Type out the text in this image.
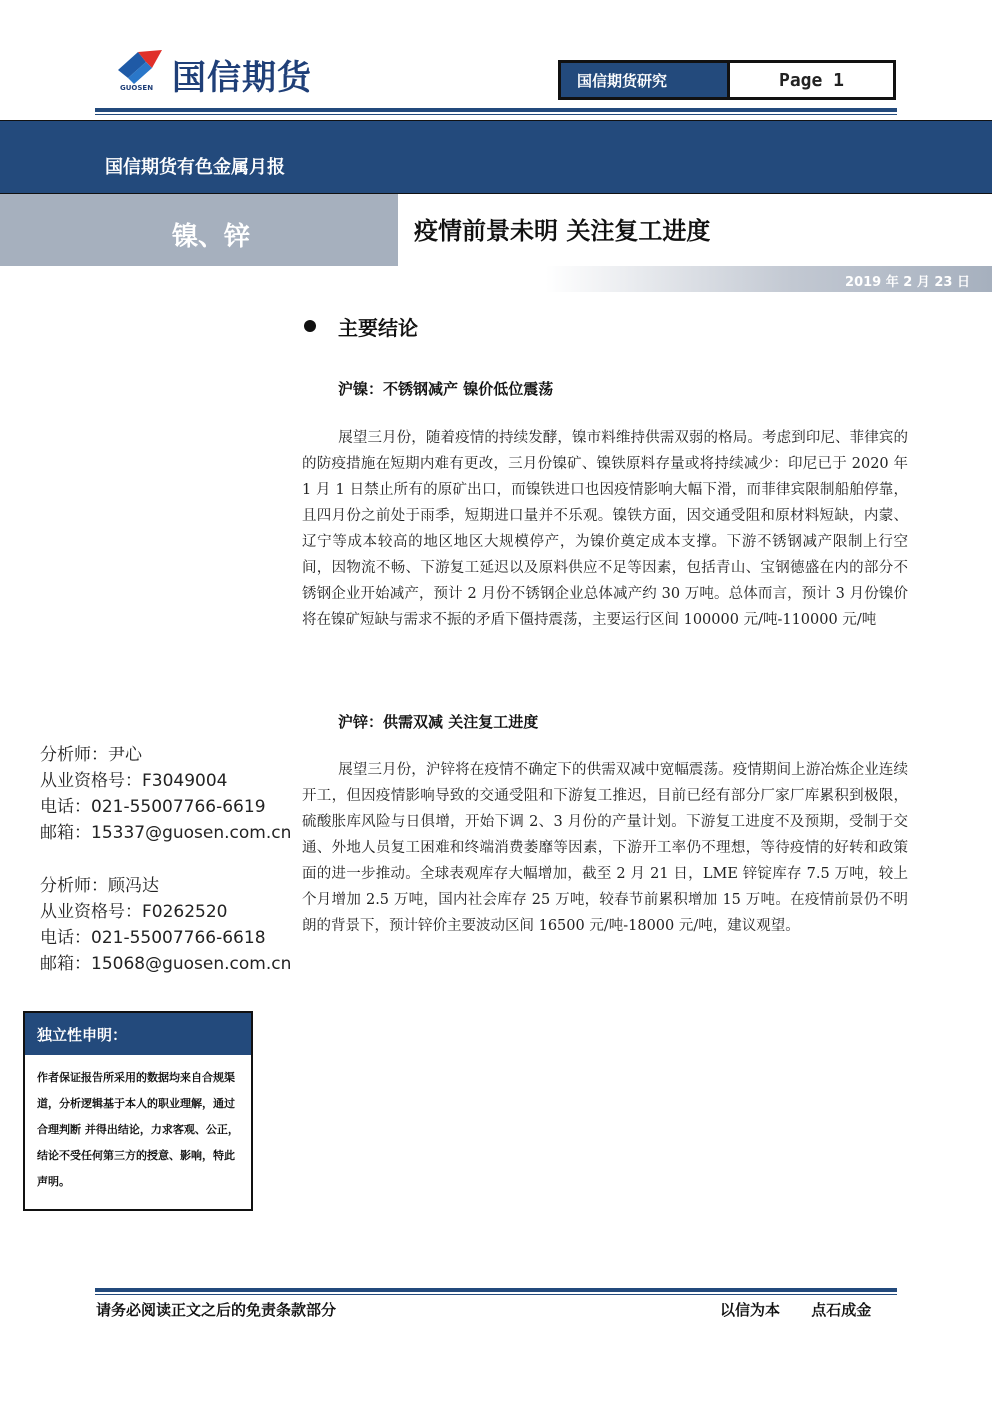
国信期货
GUOSEN	国信期货研究	Page 1
国信期货有色金属月报
镍、锌	疫情前景未明 关注复工进度
2019 年 2 月 23 日
主要结论
沪镍：不锈钢减产 镍价低位震荡

展望三月份，随着疫情的持续发酵，镍市料维持供需双弱的格局。考虑到印尼、菲律宾的的防疫措施在短期内难有更改，三月份镍矿、镍铁原料存量或将持续减少：印尼已于 2020 年 1 月 1 日禁止所有的原矿出口，而镍铁进口也因疫情影响大幅下滑，而菲律宾限制船舶停靠，且四月份之前处于雨季，短期进口量并不乐观。镍铁方面，因交通受阻和原材料短缺，内蒙、辽宁等成本较高的地区地区大规模停产，为镍价奠定成本支撑。下游不锈钢减产限制上行空间，因物流不畅、下游复工延迟以及原料供应不足等因素，包括青山、宝钢德盛在内的部分不锈钢企业开始减产，预计 2 月份不锈钢企业总体减产约 30 万吨。总体而言，预计 3 月份镍价将在镍矿短缺与需求不振的矛盾下僵持震荡，主要运行区间 100000 元/吨-110000 元/吨

沪锌：供需双减 关注复工进度

展望三月份，沪锌将在疫情不确定下的供需双减中宽幅震荡。疫情期间上游冶炼企业连续开工，但因疫情影响导致的交通受阻和下游复工推迟，目前已经有部分厂家厂库累积到极限，硫酸胀库风险与日俱增，开始下调 2、3 月份的产量计划。下游复工进度不及预期，受制于交通、外地人员复工困难和终端消费萎靡等因素，下游开工率仍不理想，等待疫情的好转和政策面的进一步推动。全球表观库存大幅增加，截至 2 月 21 日，LME 锌锭库存 7.5 万吨，较上个月增加 2.5 万吨，国内社会库存 25 万吨，较春节前累积增加 15 万吨。在疫情前景仍不明朗的背景下，预计锌价主要波动区间 16500 元/吨-18000 元/吨，建议观望。

分析师：尹心
从业资格号：F3049004
电话：021-55007766-6619
邮箱：15337@guosen.com.cn
分析师：顾冯达
从业资格号：F0262520
电话：021-55007766-6618
邮箱：15068@guosen.com.cn
独立性申明：
作者保证报告所采用的数据均来自合规渠道，分析逻辑基于本人的职业理解，通过合理判断 并得出结论，力求客观、公正，结论不受任何第三方的授意、影响，特此声明。
请务必阅读正文之后的免责条款部分	以信为本 点石成金
